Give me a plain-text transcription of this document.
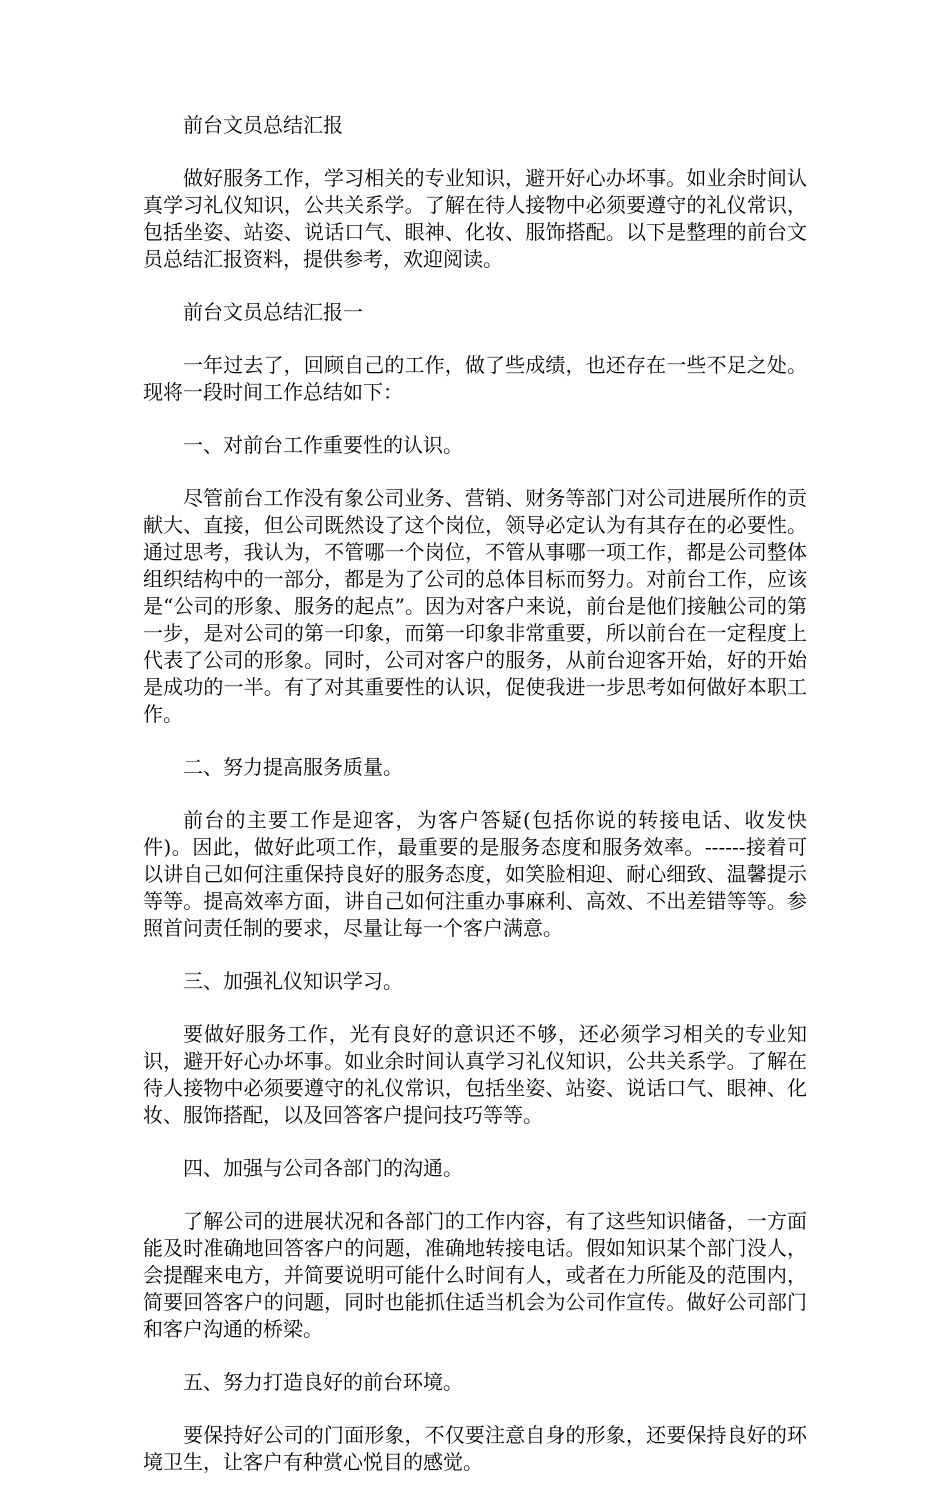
前台文员总结汇报

做好服务工作，学习相关的专业知识，避开好心办坏事。如业余时间认真学习礼仪知识，公共关系学。了解在待人接物中必须要遵守的礼仪常识，包括坐姿、站姿、说话口气、眼神、化妆、服饰搭配。以下是整理的前台文员总结汇报资料，提供参考，欢迎阅读。

前台文员总结汇报一

一年过去了，回顾自己的工作，做了些成绩，也还存在一些不足之处。现将一段时间工作总结如下：

一、对前台工作重要性的认识。

尽管前台工作没有象公司业务、营销、财务等部门对公司进展所作的贡献大、直接，但公司既然设了这个岗位，领导必定认为有其存在的必要性。通过思考，我认为，不管哪一个岗位，不管从事哪一项工作，都是公司整体组织结构中的一部分，都是为了公司的总体目标而努力。对前台工作，应该是“公司的形象、服务的起点”。因为对客户来说，前台是他们接触公司的第一步，是对公司的第一印象，而第一印象非常重要，所以前台在一定程度上代表了公司的形象。同时，公司对客户的服务，从前台迎客开始，好的开始是成功的一半。有了对其重要性的认识，促使我进一步思考如何做好本职工作。

二、努力提高服务质量。

前台的主要工作是迎客，为客户答疑(包括你说的转接电话、收发快件)。因此，做好此项工作，最重要的是服务态度和服务效率。------接着可以讲自己如何注重保持良好的服务态度，如笑脸相迎、耐心细致、温馨提示等等。提高效率方面，讲自己如何注重办事麻利、高效、不出差错等等。参照首问责任制的要求，尽量让每一个客户满意。

三、加强礼仪知识学习。

要做好服务工作，光有良好的意识还不够，还必须学习相关的专业知识，避开好心办坏事。如业余时间认真学习礼仪知识，公共关系学。了解在待人接物中必须要遵守的礼仪常识，包括坐姿、站姿、说话口气、眼神、化妆、服饰搭配，以及回答客户提问技巧等等。

四、加强与公司各部门的沟通。

了解公司的进展状况和各部门的工作内容，有了这些知识储备，一方面能及时准确地回答客户的问题，准确地转接电话。假如知识某个部门没人，会提醒来电方，并简要说明可能什么时间有人，或者在力所能及的范围内，简要回答客户的问题，同时也能抓住适当机会为公司作宣传。做好公司部门和客户沟通的桥梁。

五、努力打造良好的前台环境。

要保持好公司的门面形象，不仅要注意自身的形象，还要保持良好的环境卫生，让客户有种赏心悦目的感觉。
